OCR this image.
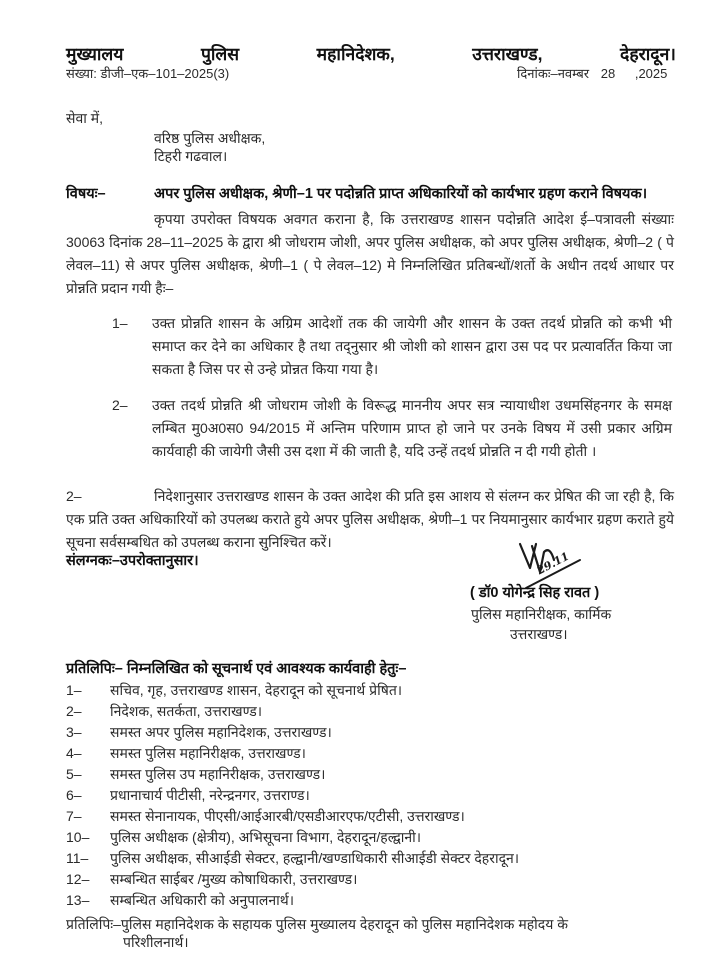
मुख्यालय	पुलिस	महानिदेशक,	उत्तराखण्ड,	देहरादून।
संख्या: डीजी–एक–101–2025(3)	दिनांकः–नवम्बर 28 ,2025
सेवा में,
वरिष्ठ पुलिस अधीक्षक,
टिहरी गढवाल।
विषयः–	अपर पुलिस अधीक्षक, श्रेणी–1 पर पदोन्नति प्राप्त अधिकारियों को कार्यभार ग्रहण कराने विषयक।
कृपया उपरोक्त विषयक अवगत कराना है, कि उत्तराखण्ड शासन पदोन्नति आदेश ई–पत्रावली संख्याः 30063 दिनांक 28–11–2025 के द्वारा श्री जोधराम जोशी, अपर पुलिस अधीक्षक, को अपर पुलिस अधीक्षक, श्रेणी–2 ( पे लेवल–11) से अपर पुलिस अधीक्षक, श्रेणी–1 ( पे लेवल–12) मे निम्नलिखित प्रतिबन्धों/शर्तो के अधीन तदर्थ आधार पर प्रोन्नति प्रदान गयी हैः–
1–	उक्त प्रोन्नति शासन के अग्रिम आदेशों तक की जायेगी और शासन के उक्त तदर्थ प्रोन्नति को कभी भी समाप्त कर देने का अधिकार है तथा तद्नुसार श्री जोशी को शासन द्वारा उस पद पर प्रत्यावर्तित किया जा सकता है जिस पर से उन्हे प्रोन्नत किया गया है।
2–	उक्त तदर्थ प्रोन्नति श्री जोधराम जोशी के विरूद्ध माननीय अपर सत्र न्यायाधीश उधमसिंहनगर के समक्ष लम्बित मु0अ0स0 94/2015 में अन्तिम परिणाम प्राप्त हो जाने पर उनके विषय में उसी प्रकार अग्रिम कार्यवाही की जायेगी जैसी उस दशा में की जाती है, यदि उन्हें तदर्थ प्रोन्नति न दी गयी होती ।
2–	निदेशानुसार उत्तराखण्ड शासन के उक्त आदेश की प्रति इस आशय से संलग्न कर प्रेषित की जा रही है, कि एक प्रति उक्त अधिकारियों को उपलब्ध कराते हुये अपर पुलिस अधीक्षक, श्रेणी–1 पर नियमानुसार कार्यभार ग्रहण कराते हुये सूचना सर्वसम्बधित को उपलब्ध कराना सुनिश्चित करें।
संलग्नकः–उपरोक्तानुसार।	29.11
( डॉ0 योगेन्द्र सिह रावत )
पुलिस महानिरीक्षक, कार्मिक
उत्तराखण्ड।
प्रतिलिपिः– निम्नलिखित को सूचनार्थ एवं आवश्यक कार्यवाही हेतुः–
1–	सचिव, गृह, उत्तराखण्ड शासन, देहरादून को सूचनार्थ प्रेषित।
2–	निदेशक, सतर्कता, उत्तराखण्ड।
3–	समस्त अपर पुलिस महानिदेशक, उत्तराखण्ड।
4–	समस्त पुलिस महानिरीक्षक, उत्तराखण्ड।
5–	समस्त पुलिस उप महानिरीक्षक, उत्तराखण्ड।
6–	प्रधानाचार्य पीटीसी, नरेन्द्रनगर, उत्तराण्ड।
7–	समस्त सेनानायक, पीएसी/आईआरबी/एसडीआरएफ/एटीसी, उत्तराखण्ड।
10–	पुलिस अधीक्षक (क्षेत्रीय), अभिसूचना विभाग, देहरादून/हल्द्वानी।
11–	पुलिस अधीक्षक, सीआईडी सेक्टर, हल्द्वानी/खण्डाधिकारी सीआईडी सेक्टर देहरादून।
12–	सम्बन्धित साईबर /मुख्य कोषाधिकारी, उत्तराखण्ड।
13–	सम्बन्धित अधिकारी को अनुपालनार्थ।
प्रतिलिपिः–पुलिस महानिदेशक के सहायक पुलिस मुख्यालय देहरादून को पुलिस महानिदेशक महोदय के
परिशीलनार्थ।
